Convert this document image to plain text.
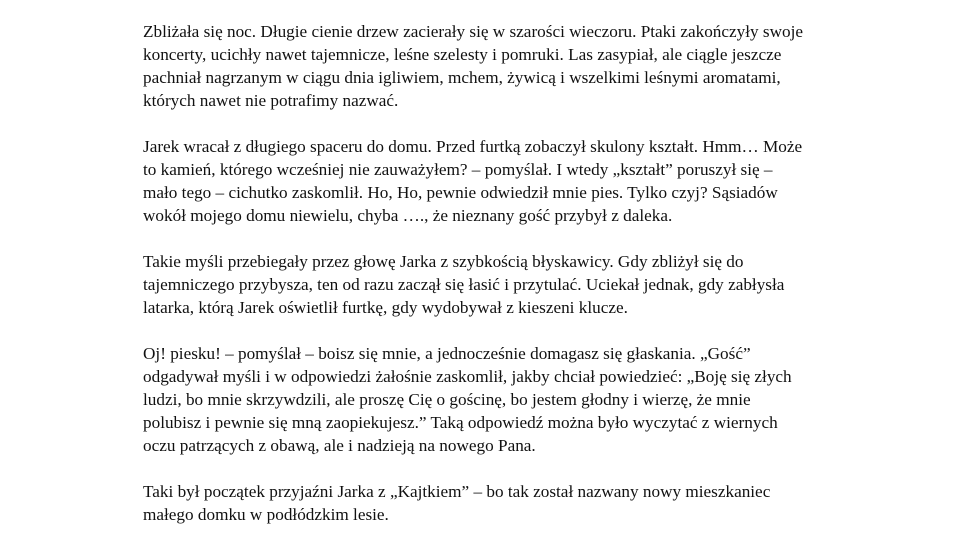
Zbliżała się noc. Długie cienie drzew zacierały się w szarości wieczoru. Ptaki zakończyły swoje
koncerty, ucichły nawet tajemnicze, leśne szelesty i pomruki. Las zasypiał, ale ciągle jeszcze
pachniał nagrzanym w ciągu dnia igliwiem, mchem, żywicą i wszelkimi leśnymi aromatami,
których nawet nie potrafimy nazwać.

Jarek wracał z długiego spaceru do domu. Przed furtką zobaczył skulony kształt. Hmm… Może
to kamień, którego wcześniej nie zauważyłem? – pomyślał. I wtedy „kształt” poruszył się –
mało tego – cichutko zaskomlił. Ho, Ho, pewnie odwiedził mnie pies. Tylko czyj? Sąsiadów
wokół mojego domu niewielu, chyba …., że nieznany gość przybył z daleka.

Takie myśli przebiegały przez głowę Jarka z szybkością błyskawicy. Gdy zbliżył się do
tajemniczego przybysza, ten od razu zaczął się łasić i przytulać. Uciekał jednak, gdy zabłysła
latarka, którą Jarek oświetlił furtkę, gdy wydobywał z kieszeni klucze.

Oj! piesku! – pomyślał – boisz się mnie, a jednocześnie domagasz się głaskania. „Gość”
odgadywał myśli i w odpowiedzi żałośnie zaskomlił, jakby chciał powiedzieć: „Boję się złych
ludzi, bo mnie skrzywdzili, ale proszę Cię o gościnę, bo jestem głodny i wierzę, że mnie
polubisz i pewnie się mną zaopiekujesz.” Taką odpowiedź można było wyczytać z wiernych
oczu patrzących z obawą, ale i nadzieją na nowego Pana.

Taki był początek przyjaźni Jarka z „Kajtkiem” – bo tak został nazwany nowy mieszkaniec
małego domku w podłódzkim lesie.
